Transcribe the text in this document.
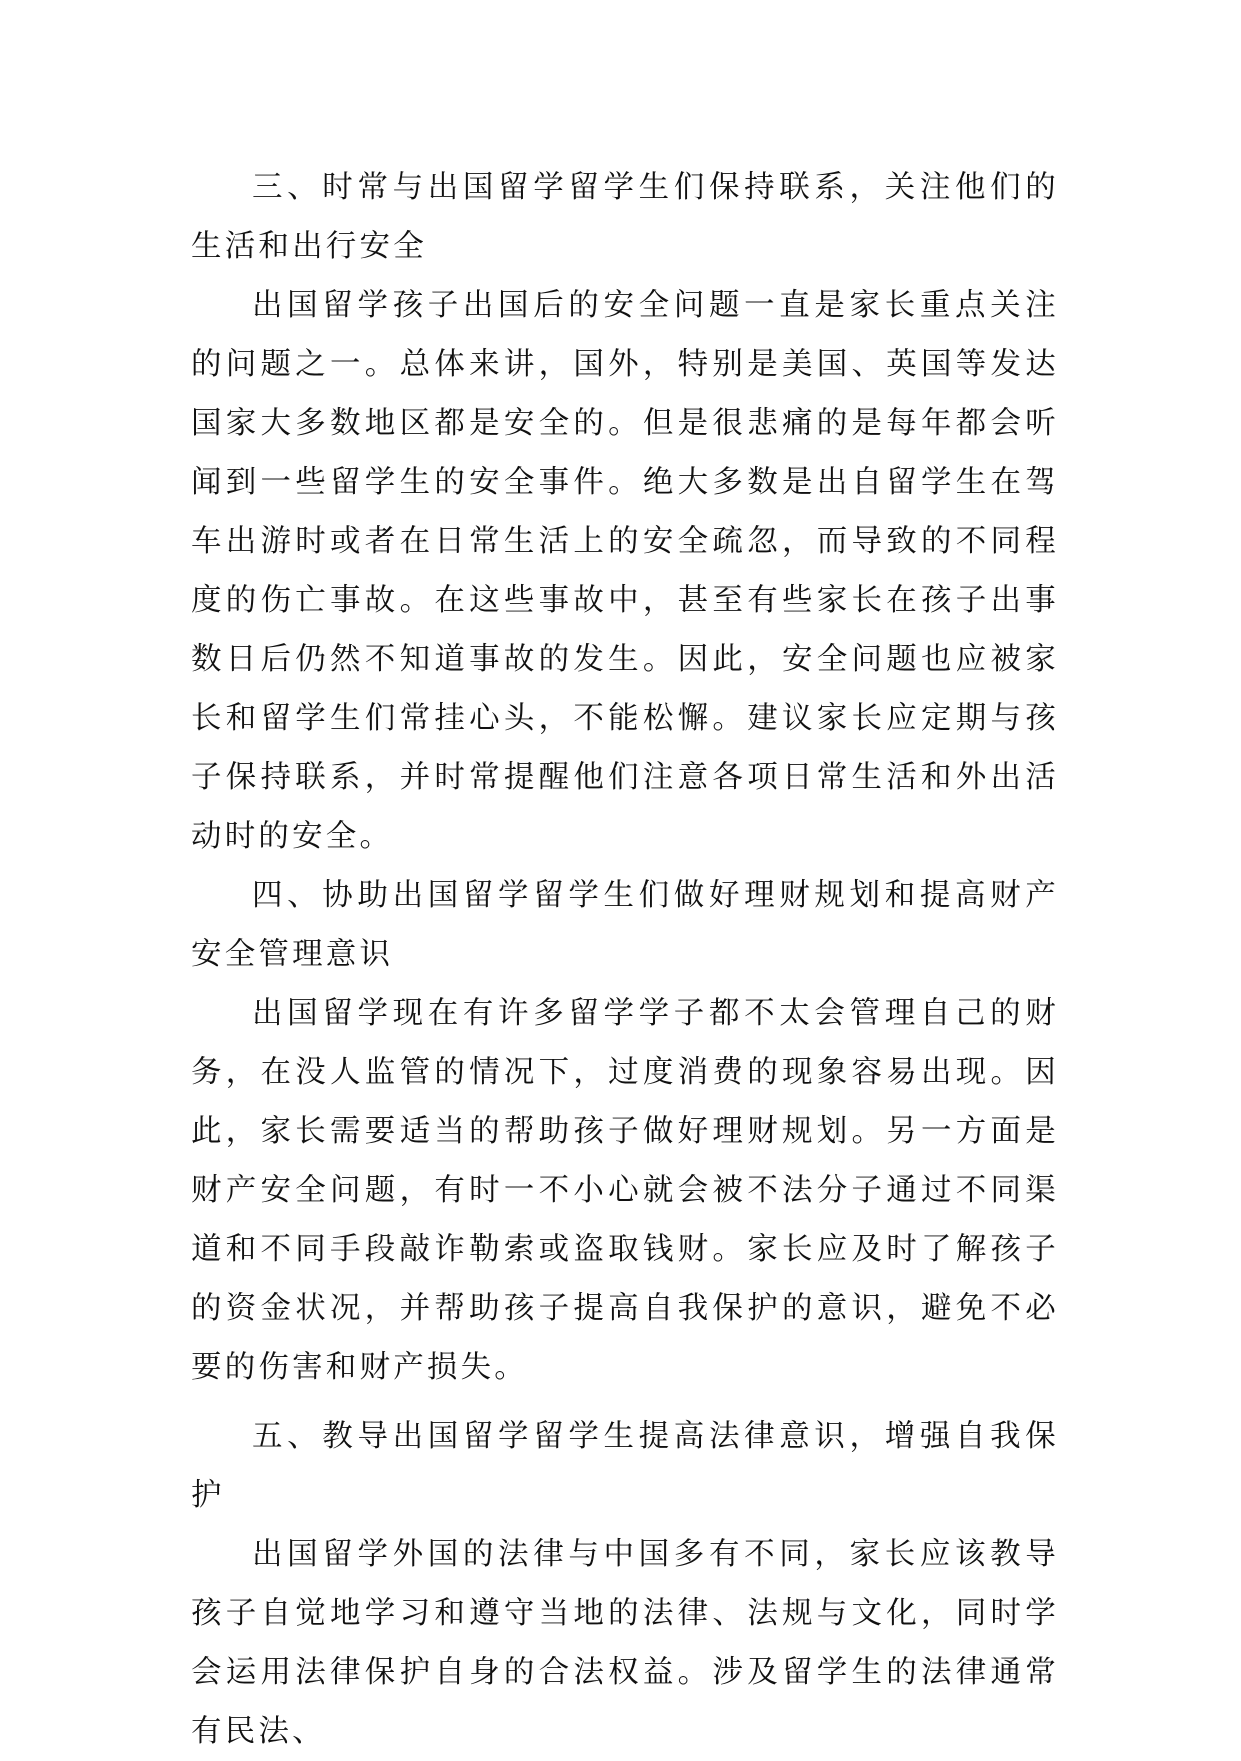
三、时常与出国留学留学生们保持联系，关注他们的生活和出行安全

出国留学孩子出国后的安全问题一直是家长重点关注的问题之一。总体来讲，国外，特别是美国、英国等发达国家大多数地区都是安全的。但是很悲痛的是每年都会听闻到一些留学生的安全事件。绝大多数是出自留学生在驾车出游时或者在日常生活上的安全疏忽，而导致的不同程度的伤亡事故。在这些事故中，甚至有些家长在孩子出事数日后仍然不知道事故的发生。因此，安全问题也应被家长和留学生们常挂心头，不能松懈。建议家长应定期与孩子保持联系，并时常提醒他们注意各项日常生活和外出活动时的安全。

四、协助出国留学留学生们做好理财规划和提高财产安全管理意识

出国留学现在有许多留学学子都不太会管理自己的财务，在没人监管的情况下，过度消费的现象容易出现。因此，家长需要适当的帮助孩子做好理财规划。另一方面是财产安全问题，有时一不小心就会被不法分子通过不同渠道和不同手段敲诈勒索或盗取钱财。家长应及时了解孩子的资金状况，并帮助孩子提高自我保护的意识，避免不必要的伤害和财产损失。

五、教导出国留学留学生提高法律意识，增强自我保护

出国留学外国的法律与中国多有不同，家长应该教导孩子自觉地学习和遵守当地的法律、法规与文化，同时学会运用法律保护自身的合法权益。涉及留学生的法律通常有民法、
